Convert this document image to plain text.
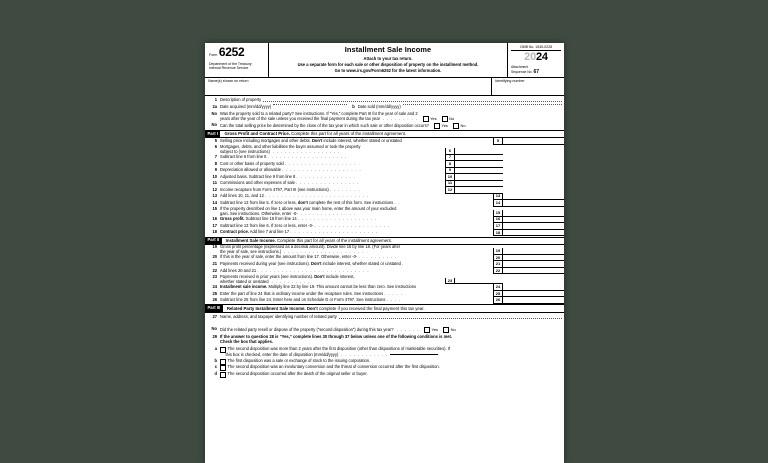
Form 6252
Department of the Treasury
Internal Revenue Service
Installment Sale Income
Attach to your tax return.
Use a separate form for each sale or other disposition of property on the installment method.
Go to www.irs.gov/Form6252 for the latest information.
OMB No. 1545-0228
2024
Attachment
Sequence No. 67
Name(s) shown on return	Identifying number
1 Description of property
2a Date acquired (mm/dd/yyyy)	b Date sold (mm/dd/yyyy)
No Was the property sold to a related party? See instructions. If “Yes,” complete Part III for the year of sale and 2
years after the year of the sale unless you received the final payment during the tax year . . . . . . . . .	Yes	No
No Can the total selling price be determined by the close of the tax year in which such sale or other disposition occurs?	Yes	No
Part I	Gross Profit and Contract Price. Complete this part for all years of the installment agreement.
5 Selling price including mortgages and other debts. Don’t include interest, whether stated or unstated	5
6 Mortgages, debts, and other liabilities the buyer assumed or took the property
subject to (see instructions) . . . . . . . . . . . . . . . . .	6
7 Subtract line 6 from line 5 . . . . . . . . . . . . . . . . . . . .	7
8 Cost or other basis of property sold . . . . . . . . . . . . . . . . . .	8
9 Depreciation allowed or allowable . . . . . . . . . . . . . . . . . . . .	9
10 Adjusted basis. Subtract line 9 from line 8 . . . . . . . . . . . . . . .	10
11 Commissions and other expenses of sale . . . . . . . . . . . . . . . .	11
12 Income recapture from Form 4797, Part III (see instructions) . . . . . . . .	12
13 Add lines 10, 11, and 12 . . . . . . . . . . . . . . . . . . . . . . . . . .	13
14 Subtract line 13 from line 5. If zero or less, don’t complete the rest of this form. See instructions . .	14
15 If the property described on line 1 above was your main home, enter the amount of your excluded
gain. See instructions. Otherwise, enter -0- . . . . . . . . . . . . . .	15
16 Gross profit. Subtract line 15 from line 14 . . . . . . . . . . . . . . . . . . . .	16
17 Subtract line 13 from line 6. If zero or less, enter -0- . . . . . . . . . . . . . . . . . . .	17
18 Contract price. Add line 7 and line 17 . . . . . . . . . . . . . . . . . . . . . .	18
Part II	Installment Sale Income. Complete this part for all years of the installment agreement.
19 Gross profit percentage (expressed as a decimal amount). Divide line 16 by line 18. (For years after
the year of sale, see instructions.) . . . . . . . . . . . . . . . . . . . .	19
20 If this is the year of sale, enter the amount from line 17. Otherwise, enter -0- . . . . . . . . . .	20
21 Payments received during year (see instructions). Don’t include interest, whether stated or unstated .	21
22 Add lines 20 and 21 . . . . . . . . . . . . . . . . . . . . . . . . . . . .	22
23 Payments received in prior years (see instructions). Don’t include interest,
whether stated or unstated . . . . . . . . . .	23
24 Installment sale income. Multiply line 22 by line 19. This amount cannot be less than zero. See instructions	24
25 Enter the part of line 24 that is ordinary income under the recapture rules. See instructions . . . . .	25
26 Subtract line 25 from line 24. Enter here and on Schedule D or Form 4797. See instructions . . . .	26
Part III	Related Party Installment Sale Income. Don’t complete if you received the final payment this tax year.
27 Name, address, and taxpayer identifying number of related party
No Did the related party resell or dispose of the property (“second disposition”) during this tax year? . . . . . .	Yes	No
29 If the answer to question 28 is “Yes,” complete lines 30 through 37 below unless one of the following conditions is met.
Check the box that applies.
a	The second disposition was more than 2 years after the first disposition (other than dispositions of marketable securities). If
this box is checked, enter the date of disposition (mm/dd/yyyy) . . . . . . . . . . . .
b	The first disposition was a sale or exchange of stock to the issuing corporation.
c	The second disposition was an involuntary conversion and the threat of conversion occurred after the first disposition.
d	The second disposition occurred after the death of the original seller or buyer.
